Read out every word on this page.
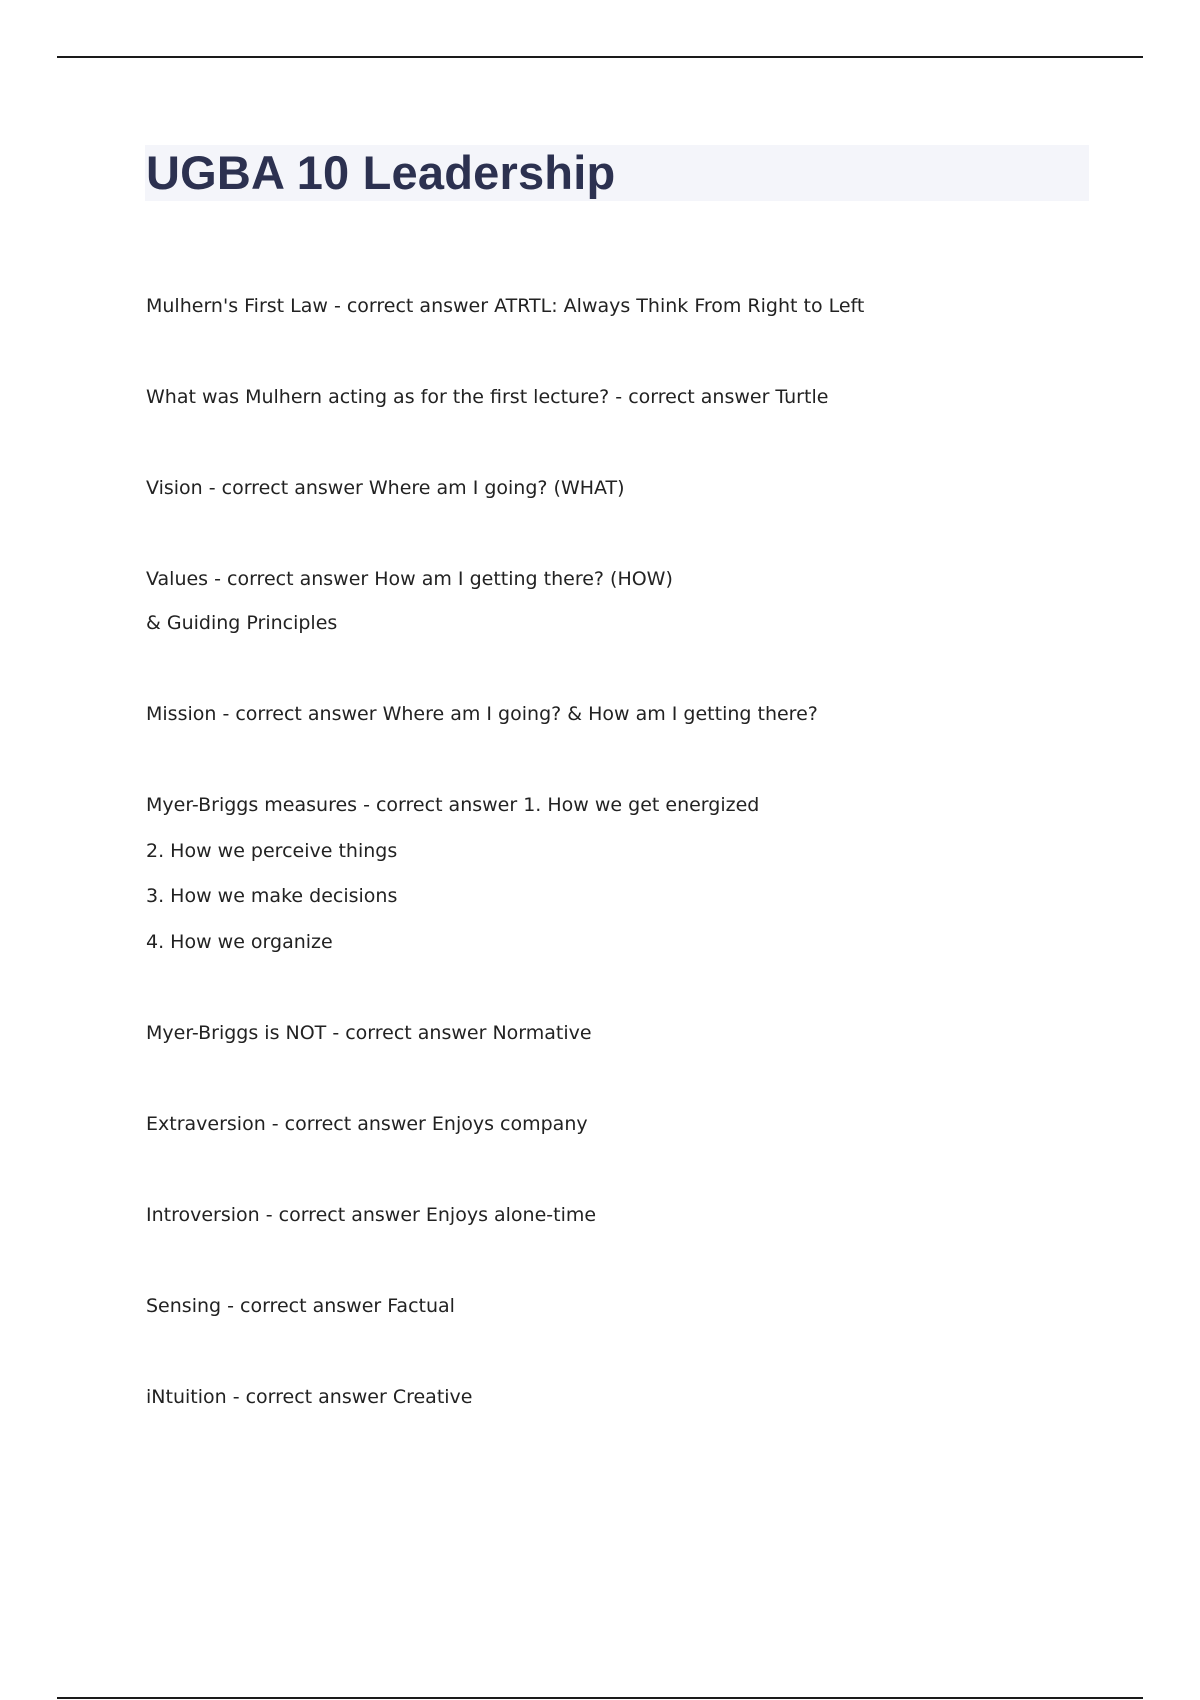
UGBA 10 Leadership
Mulhern's First Law - correct answer ATRTL: Always Think From Right to Left
What was Mulhern acting as for the first lecture? - correct answer Turtle
Vision - correct answer Where am I going? (WHAT)
Values - correct answer How am I getting there? (HOW)
& Guiding Principles
Mission - correct answer Where am I going? & How am I getting there?
Myer-Briggs measures - correct answer 1. How we get energized
2. How we perceive things
3. How we make decisions
4. How we organize
Myer-Briggs is NOT - correct answer Normative
Extraversion - correct answer Enjoys company
Introversion - correct answer Enjoys alone-time
Sensing - correct answer Factual
iNtuition - correct answer Creative
